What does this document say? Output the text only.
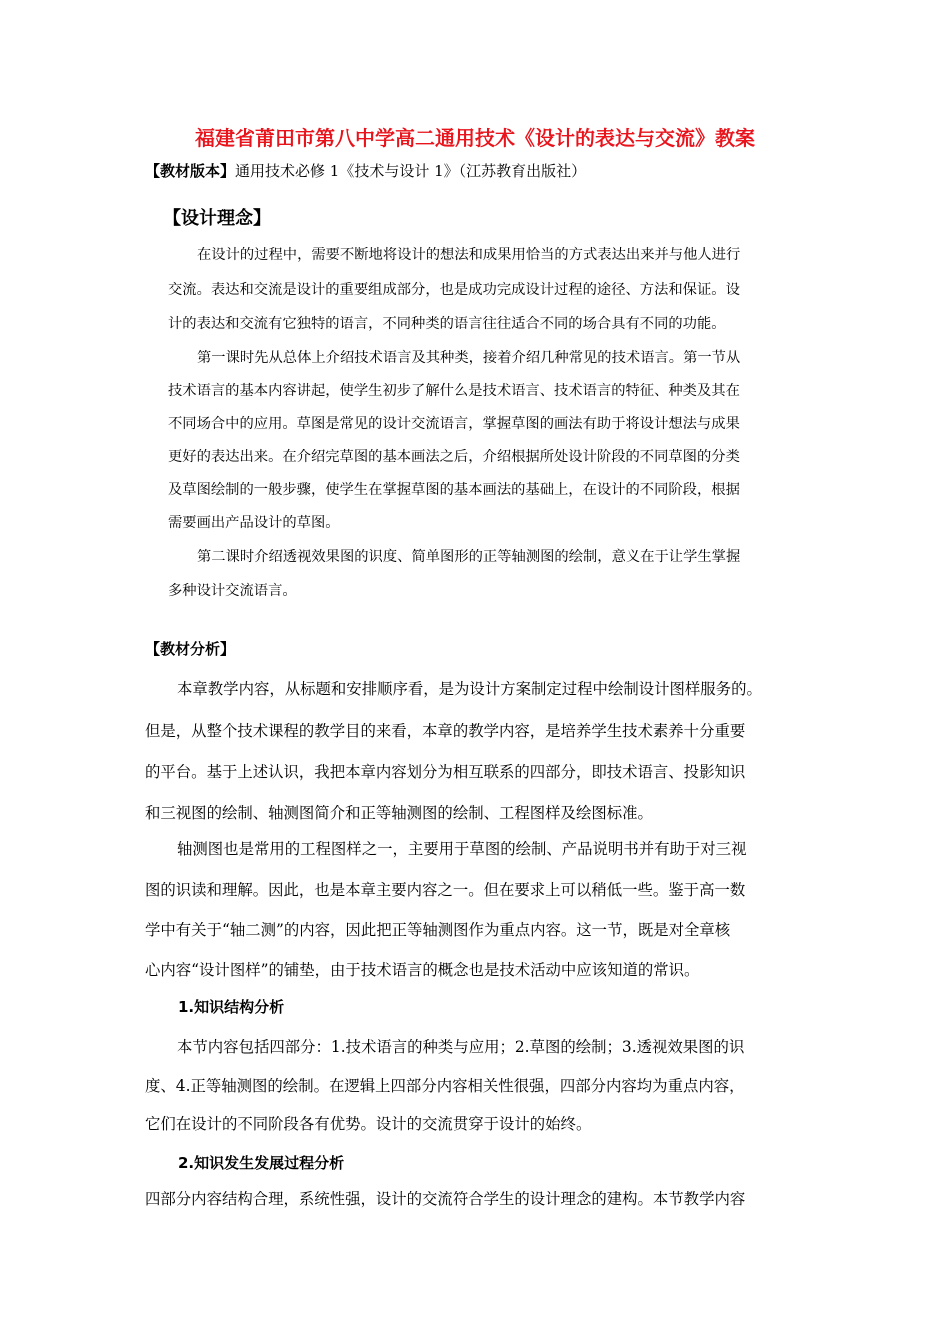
福建省莆田市第八中学高二通用技术《设计的表达与交流》教案
【教材版本】通用技术必修 1《技术与设计 1》（江苏教育出版社）
【设计理念】
在设计的过程中，需要不断地将设计的想法和成果用恰当的方式表达出来并与他人进行
交流。表达和交流是设计的重要组成部分，也是成功完成设计过程的途径、方法和保证。设
计的表达和交流有它独特的语言，不同种类的语言往往适合不同的场合具有不同的功能。
第一课时先从总体上介绍技术语言及其种类，接着介绍几种常见的技术语言。第一节从
技术语言的基本内容讲起，使学生初步了解什么是技术语言、技术语言的特征、种类及其在
不同场合中的应用。草图是常见的设计交流语言，掌握草图的画法有助于将设计想法与成果
更好的表达出来。在介绍完草图的基本画法之后，介绍根据所处设计阶段的不同草图的分类
及草图绘制的一般步骤，使学生在掌握草图的基本画法的基础上，在设计的不同阶段，根据
需要画出产品设计的草图。
第二课时介绍透视效果图的识度、简单图形的正等轴测图的绘制，意义在于让学生掌握
多种设计交流语言。
【教材分析】
本章教学内容，从标题和安排顺序看，是为设计方案制定过程中绘制设计图样服务的。
但是，从整个技术课程的教学目的来看，本章的教学内容，是培养学生技术素养十分重要
的平台。基于上述认识，我把本章内容划分为相互联系的四部分，即技术语言、投影知识
和三视图的绘制、轴测图简介和正等轴测图的绘制、工程图样及绘图标准。
轴测图也是常用的工程图样之一，主要用于草图的绘制、产品说明书并有助于对三视
图的识读和理解。因此，也是本章主要内容之一。但在要求上可以稍低一些。鉴于高一数
学中有关于“轴二测”的内容，因此把正等轴测图作为重点内容。这一节，既是对全章核
心内容“设计图样”的铺垫，由于技术语言的概念也是技术活动中应该知道的常识。
1.知识结构分析
本节内容包括四部分：1.技术语言的种类与应用；2.草图的绘制；3.透视效果图的识
度、4.正等轴测图的绘制。在逻辑上四部分内容相关性很强，四部分内容均为重点内容，
它们在设计的不同阶段各有优势。设计的交流贯穿于设计的始终。
2.知识发生发展过程分析
四部分内容结构合理，系统性强，设计的交流符合学生的设计理念的建构。本节教学内容
